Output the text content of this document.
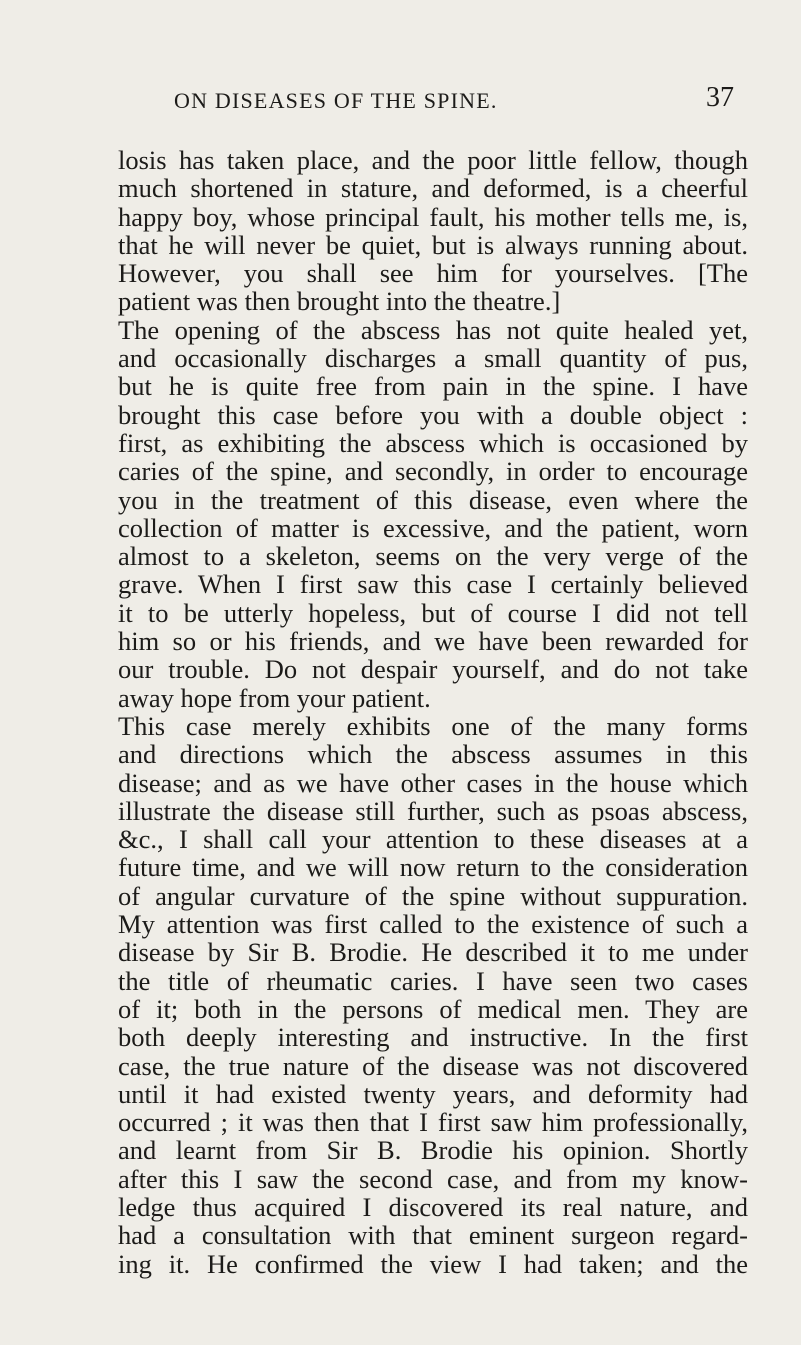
ON DISEASES OF THE SPINE.	37
losis has taken place, and the poor little fellow, though
much shortened in stature, and deformed, is a cheerful
happy boy, whose principal fault, his mother tells me, is,
that he will never be quiet, but is always running about.
However, you shall see him for yourselves. [The
patient was then brought into the theatre.]
The opening of the abscess has not quite healed yet,
and occasionally discharges a small quantity of pus,
but he is quite free from pain in the spine. I have
brought this case before you with a double object :
first, as exhibiting the abscess which is occasioned by
caries of the spine, and secondly, in order to encourage
you in the treatment of this disease, even where the
collection of matter is excessive, and the patient, worn
almost to a skeleton, seems on the very verge of the
grave. When I first saw this case I certainly believed
it to be utterly hopeless, but of course I did not tell
him so or his friends, and we have been rewarded for
our trouble. Do not despair yourself, and do not take
away hope from your patient.
This case merely exhibits one of the many forms
and directions which the abscess assumes in this
disease; and as we have other cases in the house which
illustrate the disease still further, such as psoas abscess,
&c., I shall call your attention to these diseases at a
future time, and we will now return to the consideration
of angular curvature of the spine without suppuration.
My attention was first called to the existence of such a
disease by Sir B. Brodie. He described it to me under
the title of rheumatic caries. I have seen two cases
of it; both in the persons of medical men. They are
both deeply interesting and instructive. In the first
case, the true nature of the disease was not discovered
until it had existed twenty years, and deformity had
occurred ; it was then that I first saw him professionally,
and learnt from Sir B. Brodie his opinion. Shortly
after this I saw the second case, and from my know-
ledge thus acquired I discovered its real nature, and
had a consultation with that eminent surgeon regard-
ing it. He confirmed the view I had taken; and the
